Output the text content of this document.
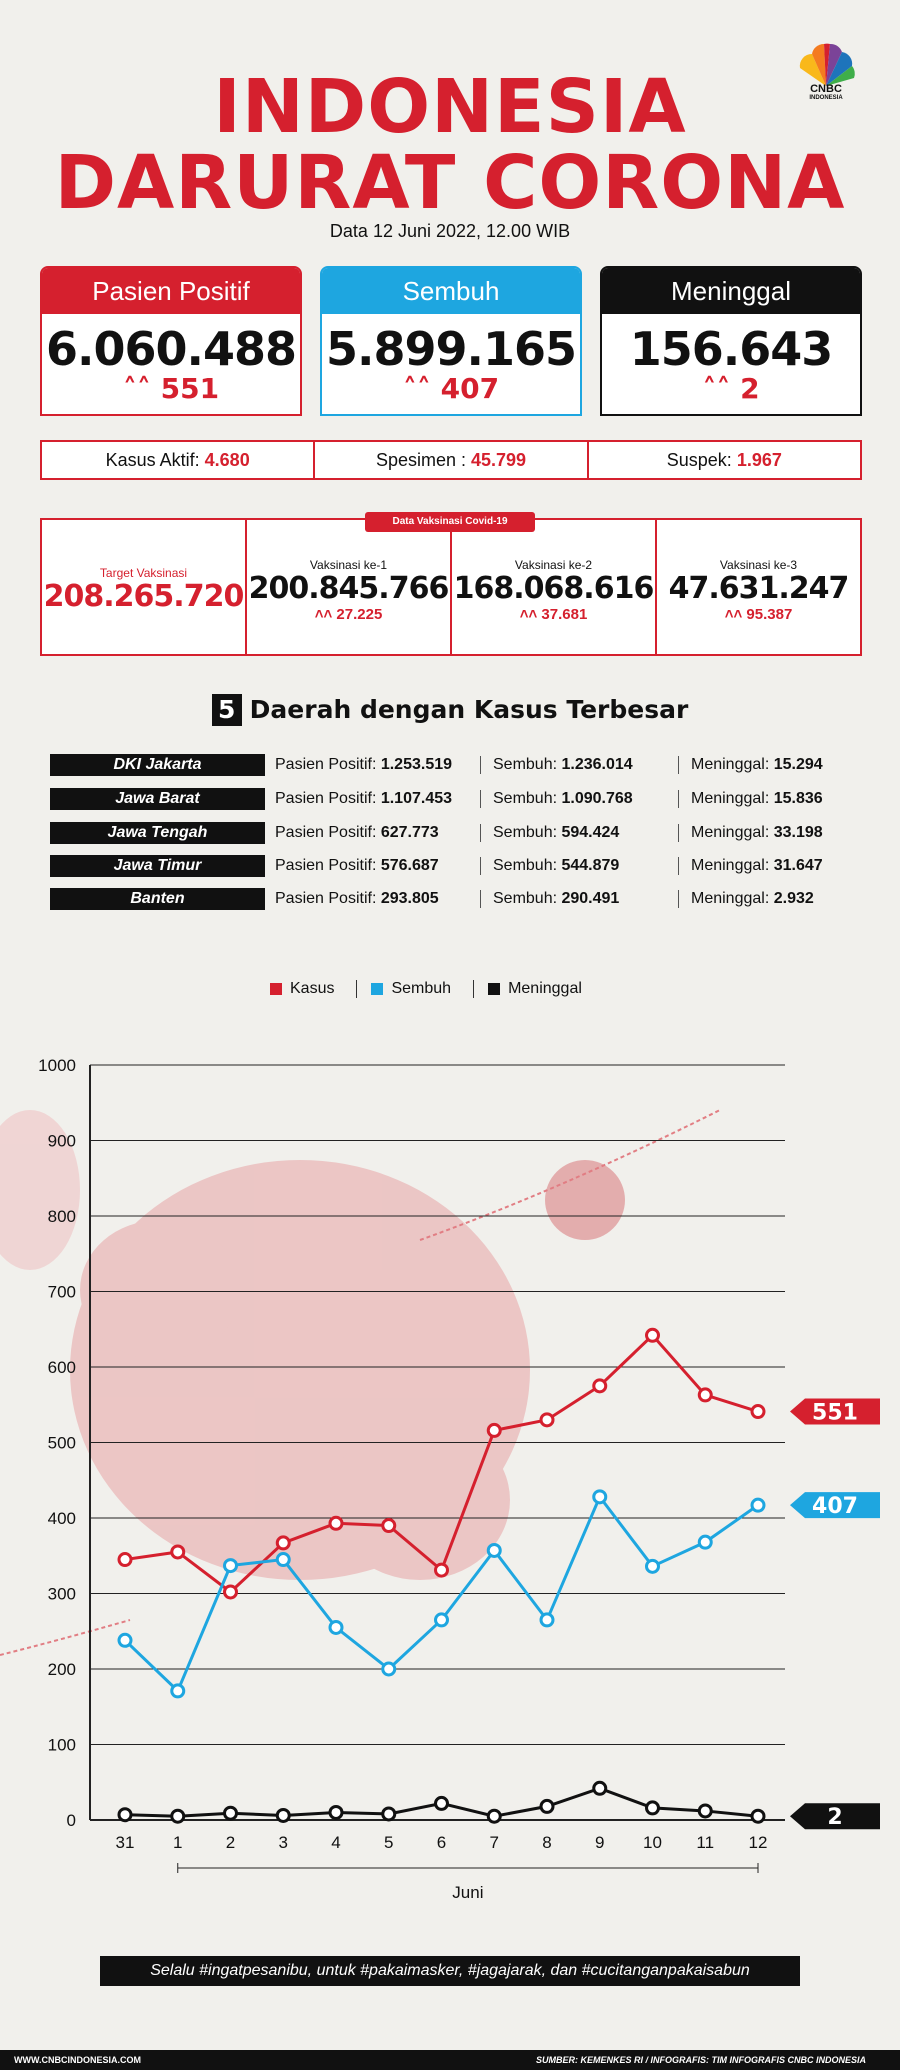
CNBC
INDONESIA
INDONESIA
DARURAT CORONA
Data 12 Juni 2022, 12.00 WIB
Pasien Positif
6.060.488
˄˄ 551
Sembuh
5.899.165
˄˄ 407
Meninggal
156.643
˄˄ 2
Kasus Aktif: 4.680	Spesimen : 45.799	Suspek: 1.967
Target Vaksinasi
208.265.720
Vaksinasi ke-1
200.845.766
˄˄ 27.225
Vaksinasi ke-2
168.068.616
˄˄ 37.681
Vaksinasi ke-3
47.631.247
˄˄ 95.387
Data Vaksinasi Covid-19
5 Daerah dengan Kasus Terbesar
DKI Jakarta	Pasien Positif: 1.253.519	Sembuh: 1.236.014	Meninggal: 15.294
Jawa Barat	Pasien Positif: 1.107.453	Sembuh: 1.090.768	Meninggal: 15.836
Jawa Tengah	Pasien Positif: 627.773	Sembuh: 594.424	Meninggal: 33.198
Jawa Timur	Pasien Positif: 576.687	Sembuh: 544.879	Meninggal: 31.647
Banten	Pasien Positif: 293.805	Sembuh: 290.491	Meninggal: 2.932
Kasus	Sembuh	Meninggal
0
100
200
300
400
500
600
700
800
900
1000
551
407
2
31 1	2	3	4	5	6	7	8	9 10 11 12
Juni
Selalu #ingatpesanibu, untuk #pakaimasker, #jagajarak, dan #cucitanganpakaisabun
WWW.CNBCINDONESIA.COM	SUMBER: KEMENKES RI / INFOGRAFIS: TIM INFOGRAFIS CNBC INDONESIA
